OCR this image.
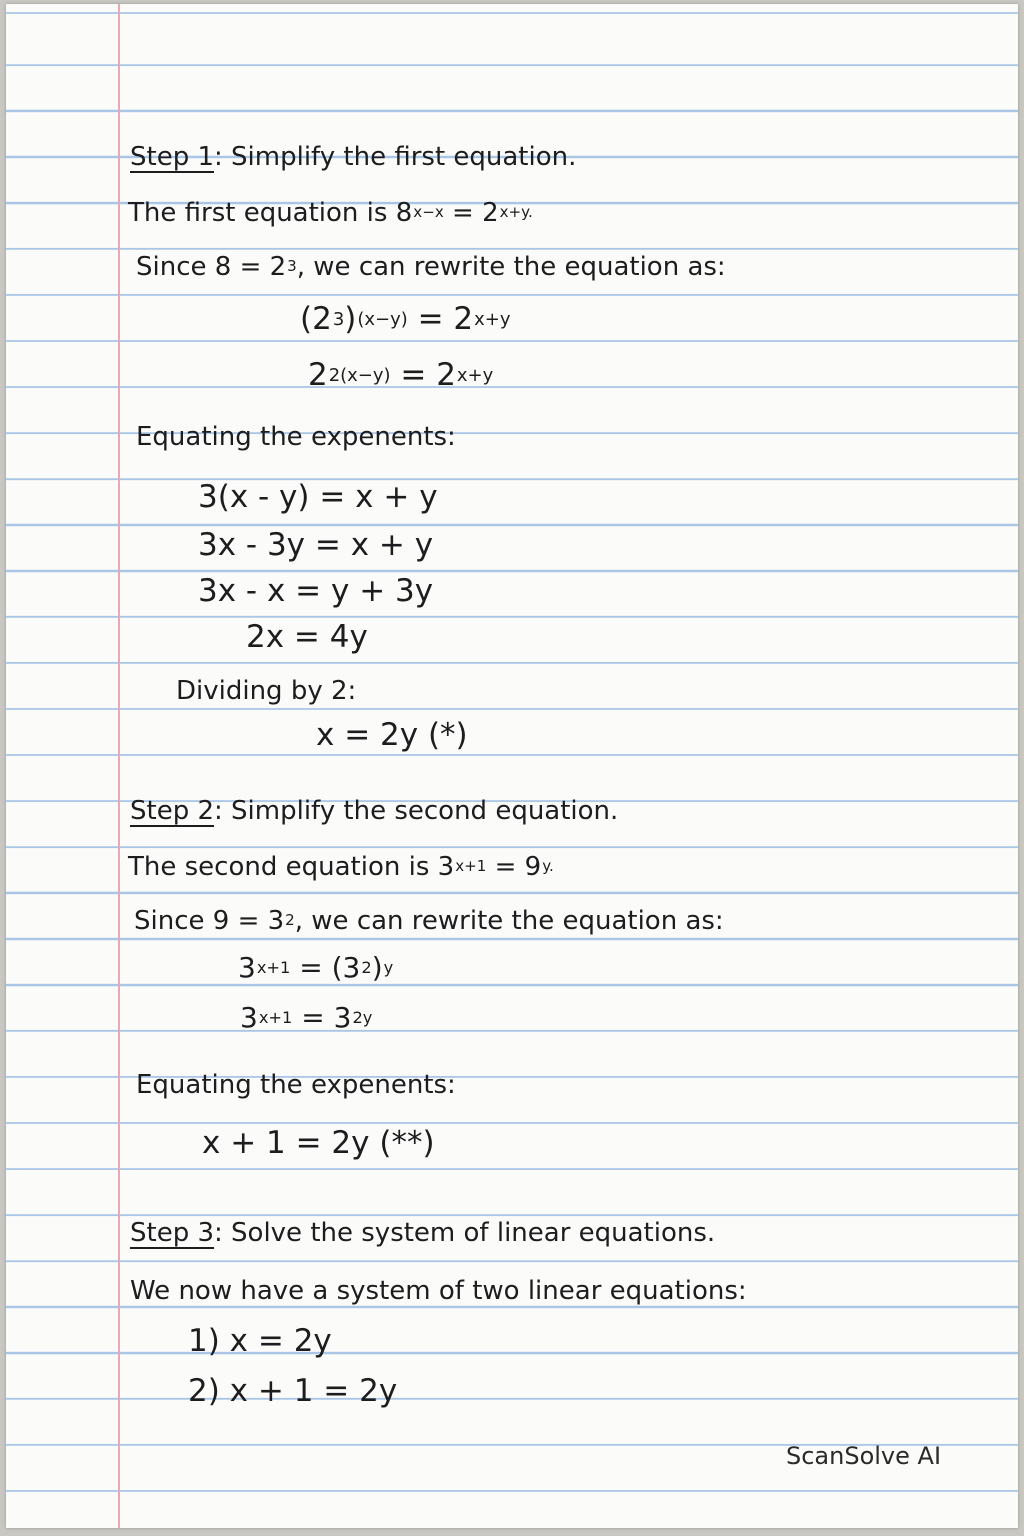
Step 1: Simplify the first equation.
The first equation is $8^{x-x} = 2^{x+y.}$
Since $8 = 2^3$, we can rewrite the equation as:
$(2^3)^{(x-y)} = 2^{x+y}$
$2^{2(x-y)} = 2^{x+y}$
Equating the expenents:
3(x - y) = x + y
3x - 3y = x + y
3x - x = y + 3y
2x = 4y
Dividing by 2:
x = 2y (*)
Step 2: Simplify the second equation.
The second equation is $3^{x+1} = 9^{y.}$
Since $9 = 3^2$, we can rewrite the equation as:
$3^{x+1} = (3^2)^y$
$3^{x+1} = 3^{2y}$
Equating the expenents:
x + 1 = 2y (**)
Step 3: Solve the system of linear equations.
We now have a system of two linear equations:
1) x = 2y
2) x + 1 = 2y
ScanSolve AI
